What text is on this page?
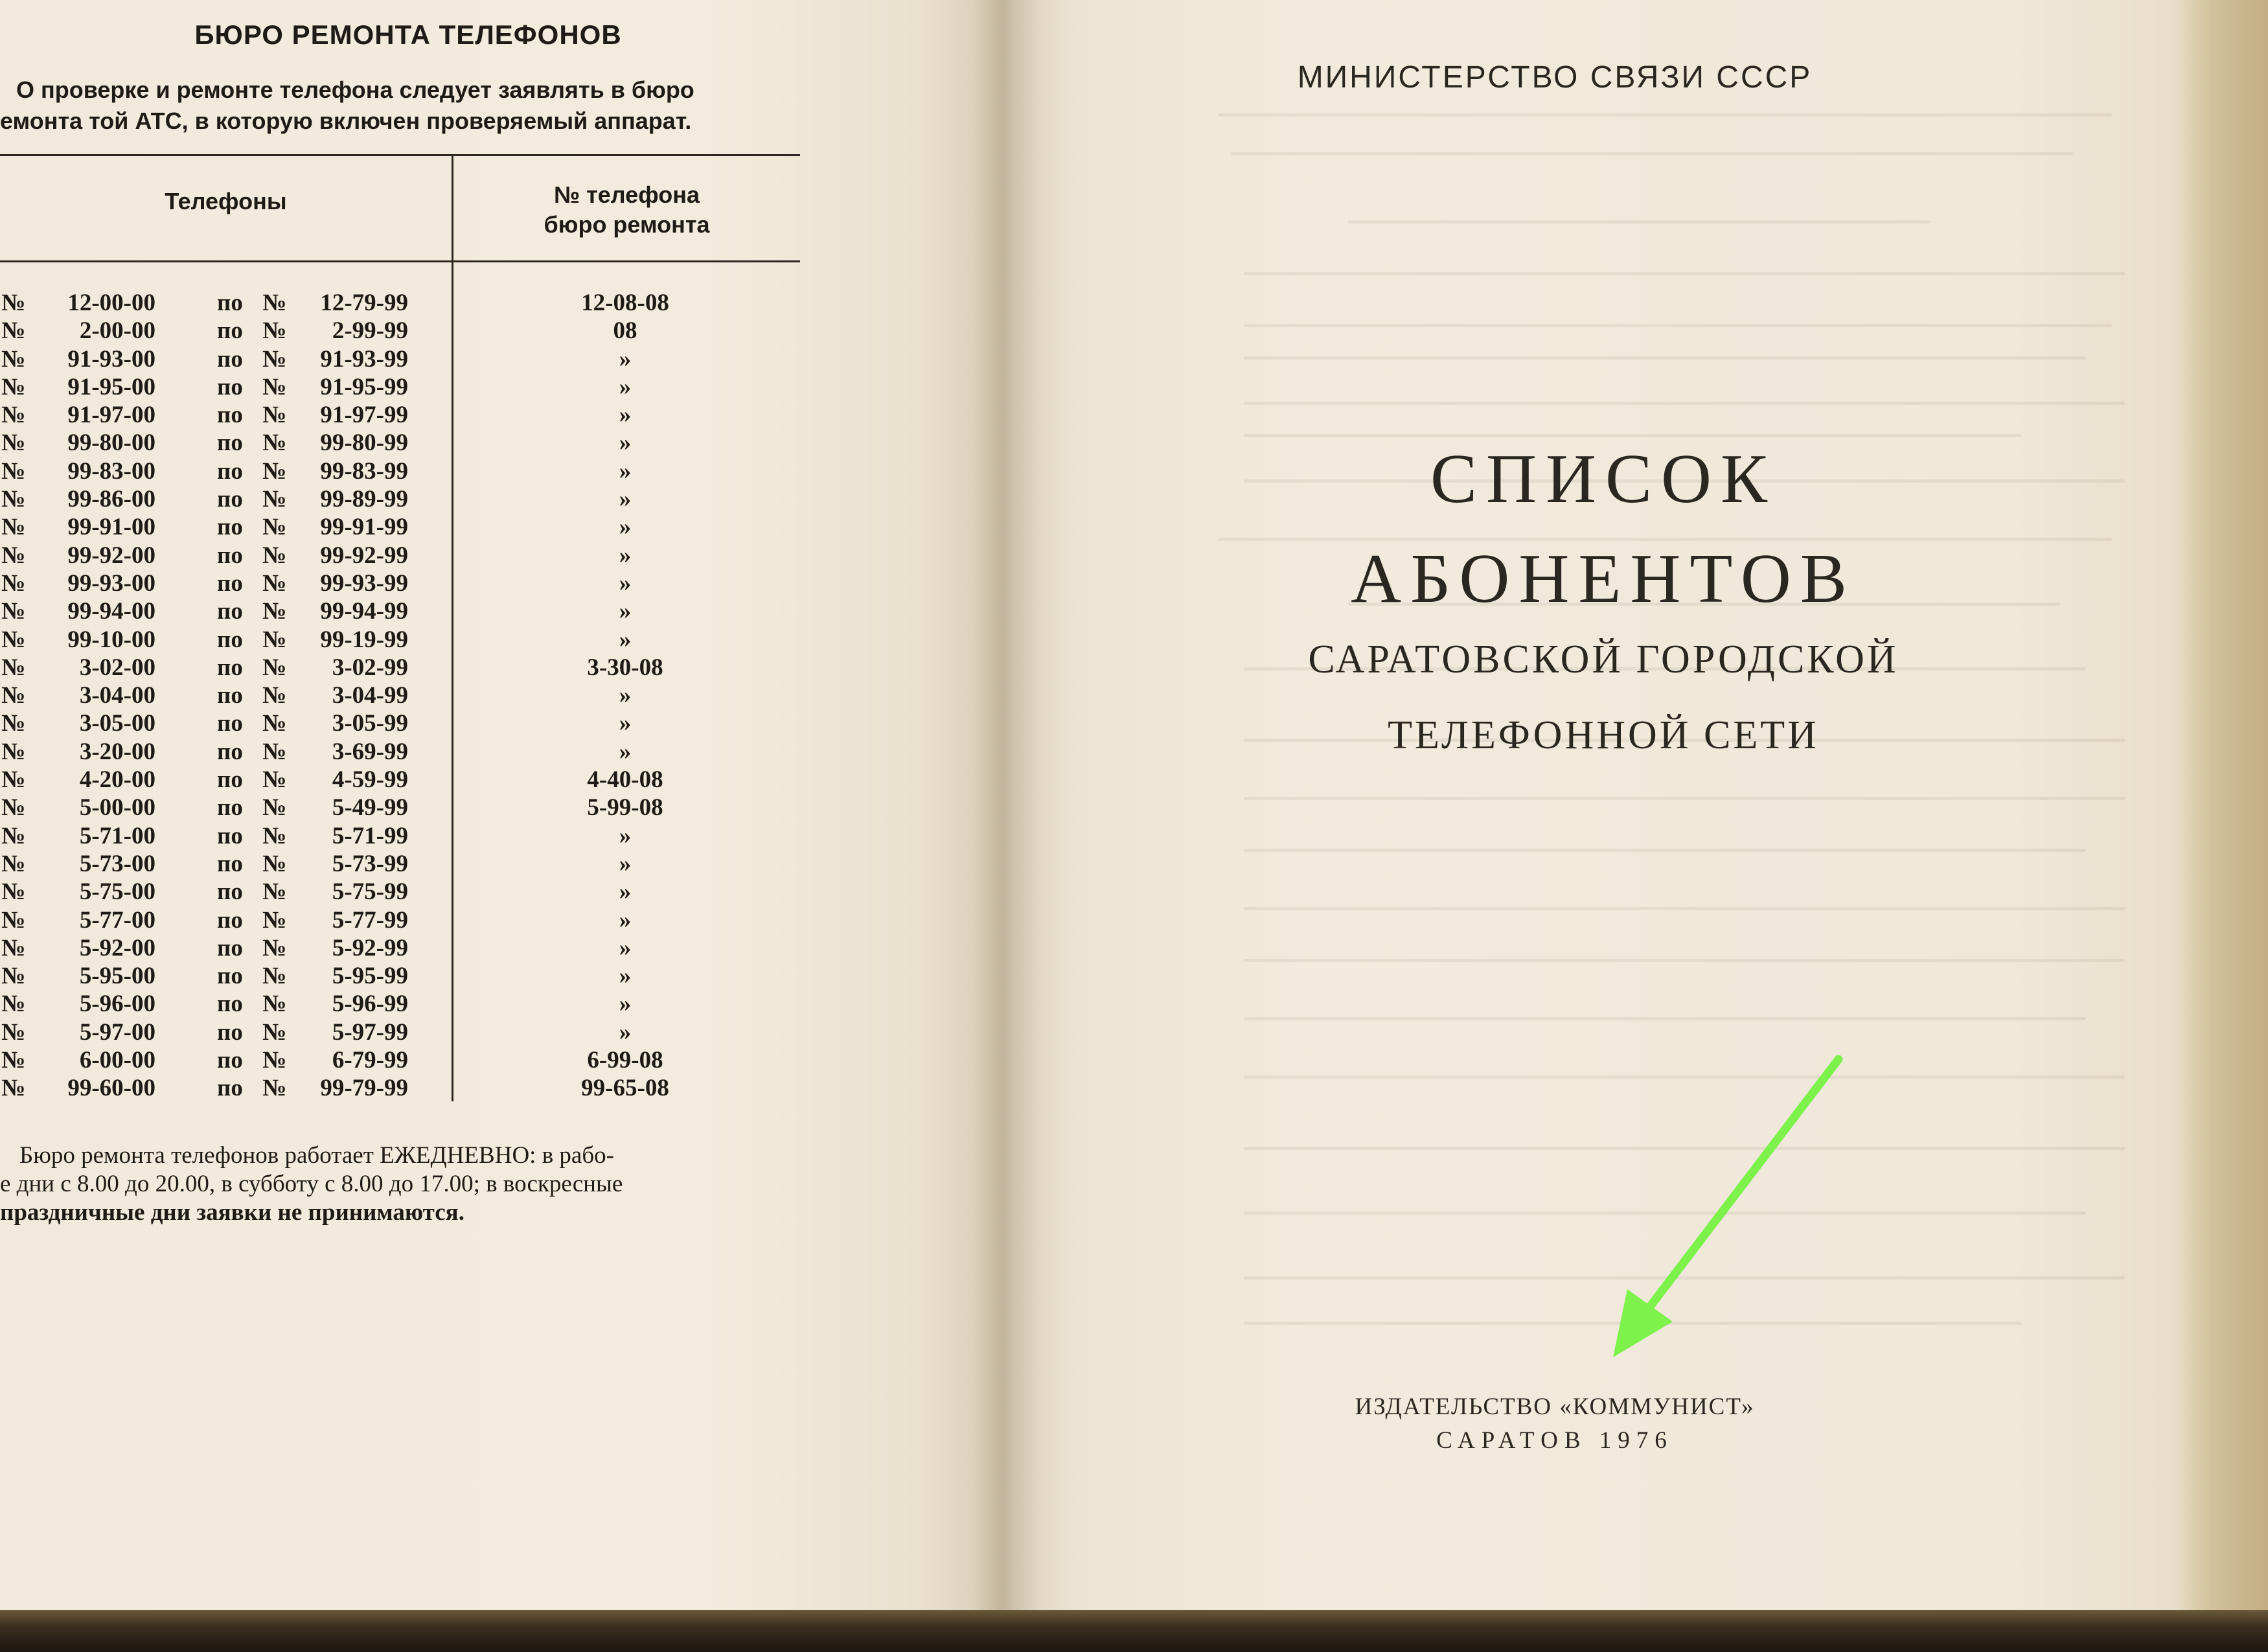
БЮРО РЕМОНТА ТЕЛЕФОНОВ
О проверке и ремонте телефона следует заявлять в бюро
емонта той АТС, в которую включен проверяемый аппарат.
Телефоны	№ телефона
бюро ремонта
№	12-00-00	по №	12-79-99	12-08-08
№	2-00-00	по №	2-99-99	08
№	91-93-00	по №	91-93-99	»
№	91-95-00	по №	91-95-99	»
№	91-97-00	по №	91-97-99	»
№	99-80-00	по №	99-80-99	»
№	99-83-00	по №	99-83-99	»
№	99-86-00	по №	99-89-99	»
№	99-91-00	по №	99-91-99	»
№	99-92-00	по №	99-92-99	»
№	99-93-00	по №	99-93-99	»
№	99-94-00	по №	99-94-99	»
№	99-10-00	по №	99-19-99	»
№	3-02-00	по №	3-02-99	3-30-08
№	3-04-00	по №	3-04-99	»
№	3-05-00	по №	3-05-99	»
№	3-20-00	по №	3-69-99	»
№	4-20-00	по №	4-59-99	4-40-08
№	5-00-00	по №	5-49-99	5-99-08
№	5-71-00	по №	5-71-99	»
№	5-73-00	по №	5-73-99	»
№	5-75-00	по №	5-75-99	»
№	5-77-00	по №	5-77-99	»
№	5-92-00	по №	5-92-99	»
№	5-95-00	по №	5-95-99	»
№	5-96-00	по №	5-96-99	»
№	5-97-00	по №	5-97-99	»
№	6-00-00	по №	6-79-99	6-99-08
№	99-60-00	по №	99-79-99	99-65-08
Бюро ремонта телефонов работает ЕЖЕДНЕВНО: в рабо-
е дни с 8.00 до 20.00, в субботу с 8.00 до 17.00; в воскресные
праздничные дни заявки не принимаются.
МИНИСТЕРСТВО СВЯЗИ СССР
СПИСОК
АБОНЕНТОВ
САРАТОВСКОЙ ГОРОДСКОЙ
ТЕЛЕФОННОЙ СЕТИ
ИЗДАТЕЛЬСТВО «КОММУНИСТ»
САРАТОВ 1976
